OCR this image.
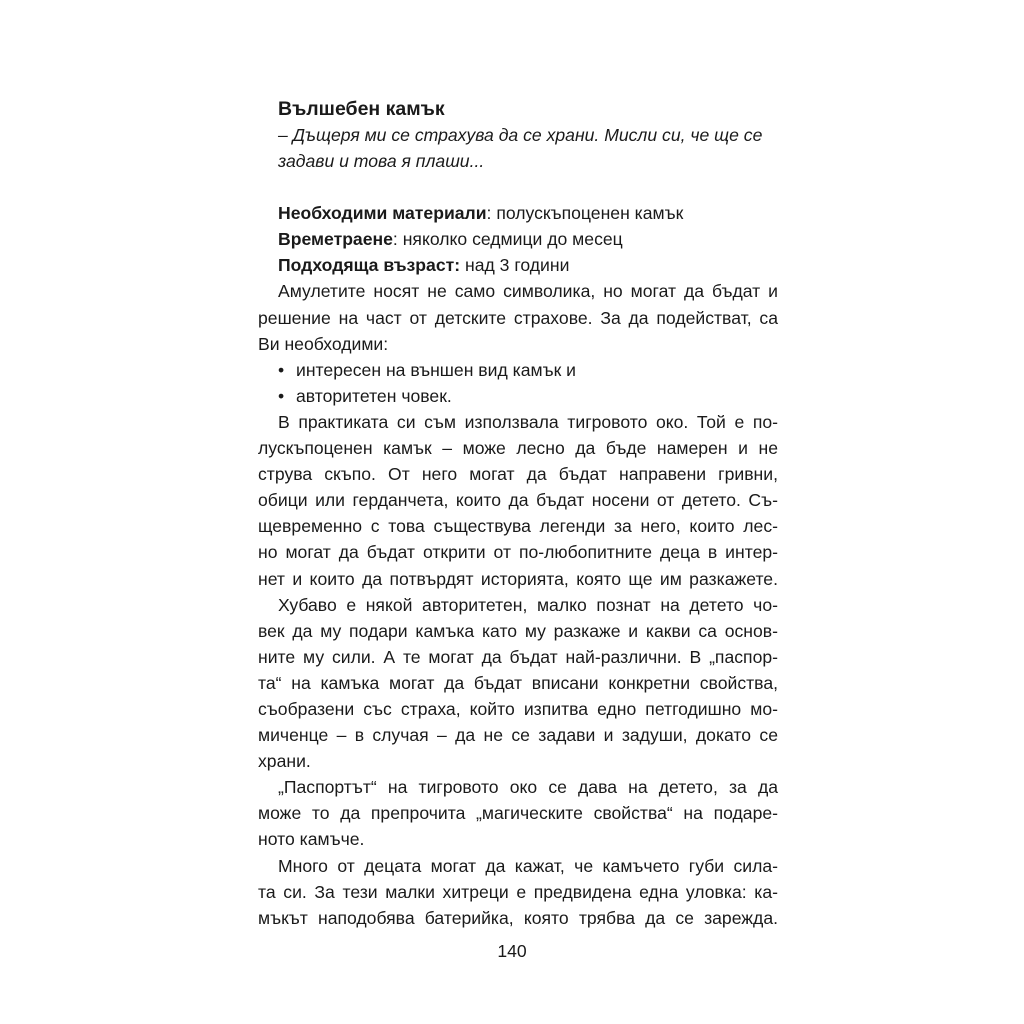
Вълшебен камък
– Дъщеря ми се страхува да се храни. Мисли си, че ще се
задави и това я плаши...
Необходими материали: полускъпоценен камък
Времетраене: няколко седмици до месец
Подходяща възраст: над 3 години
Амулетите носят не само символика, но могат да бъдат и
решение на част от детските страхове. За да подействат, са
Ви необходими:
• интересен на външен вид камък и
• авторитетен човек.
В практиката си съм използвала тигровото око. Той е по-
лускъпоценен камък – може лесно да бъде намерен и не
струва скъпо. От него могат да бъдат направени гривни,
обици или герданчета, които да бъдат носени от детето. Съ-
щевременно с това съществува легенди за него, които лес-
но могат да бъдат открити от по-любопитните деца в интер-
нет и които да потвърдят историята, която ще им разкажете.
Хубаво е някой авторитетен, малко познат на детето чо-
век да му подари камъка като му разкаже и какви са основ-
ните му сили. А те могат да бъдат най-различни. В „паспор-
та“ на камъка могат да бъдат вписани конкретни свойства,
съобразени със страха, който изпитва едно петгодишно мо-
миченце – в случая – да не се задави и задуши, докато се
храни.
„Паспортът“ на тигровото око се дава на детето, за да
може то да препрочита „магическите свойства“ на подаре-
ното камъче.
Много от децата могат да кажат, че камъчето губи сила-
та си. За тези малки хитреци е предвидена една уловка: ка-
мъкът наподобява батерийка, която трябва да се зарежда.
140
